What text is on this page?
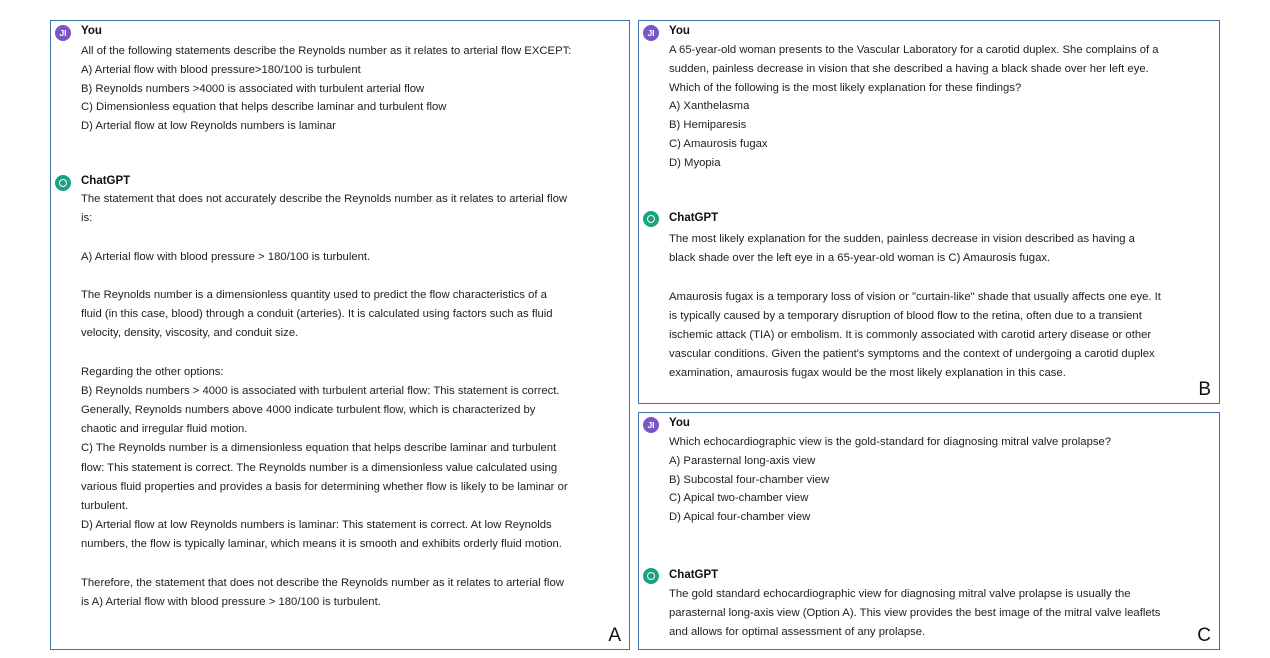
JI	You
All of the following statements describe the Reynolds number as it relates to arterial flow EXCEPT:
A) Arterial flow with blood pressure>180/100 is turbulent
B) Reynolds numbers >4000 is associated with turbulent arterial flow
C) Dimensionless equation that helps describe laminar and turbulent flow
D) Arterial flow at low Reynolds numbers is laminar
ChatGPT
The statement that does not accurately describe the Reynolds number as it relates to arterial flow
is:
A) Arterial flow with blood pressure > 180/100 is turbulent.
The Reynolds number is a dimensionless quantity used to predict the flow characteristics of a
fluid (in this case, blood) through a conduit (arteries). It is calculated using factors such as fluid
velocity, density, viscosity, and conduit size.
Regarding the other options:
B) Reynolds numbers > 4000 is associated with turbulent arterial flow: This statement is correct.
Generally, Reynolds numbers above 4000 indicate turbulent flow, which is characterized by
chaotic and irregular fluid motion.
C) The Reynolds number is a dimensionless equation that helps describe laminar and turbulent
flow: This statement is correct. The Reynolds number is a dimensionless value calculated using
various fluid properties and provides a basis for determining whether flow is likely to be laminar or
turbulent.
D) Arterial flow at low Reynolds numbers is laminar: This statement is correct. At low Reynolds
numbers, the flow is typically laminar, which means it is smooth and exhibits orderly fluid motion.
Therefore, the statement that does not describe the Reynolds number as it relates to arterial flow
is A) Arterial flow with blood pressure > 180/100 is turbulent.
A
JI	You
A 65-year-old woman presents to the Vascular Laboratory for a carotid duplex. She complains of a
sudden, painless decrease in vision that she described a having a black shade over her left eye.
Which of the following is the most likely explanation for these findings?
A) Xanthelasma
B) Hemiparesis
C) Amaurosis fugax
D) Myopia
ChatGPT
The most likely explanation for the sudden, painless decrease in vision described as having a
black shade over the left eye in a 65-year-old woman is C) Amaurosis fugax.
Amaurosis fugax is a temporary loss of vision or "curtain-like" shade that usually affects one eye. It
is typically caused by a temporary disruption of blood flow to the retina, often due to a transient
ischemic attack (TIA) or embolism. It is commonly associated with carotid artery disease or other
vascular conditions. Given the patient's symptoms and the context of undergoing a carotid duplex
examination, amaurosis fugax would be the most likely explanation in this case.
B
JI	You
Which echocardiographic view is the gold-standard for diagnosing mitral valve prolapse?
A) Parasternal long-axis view
B) Subcostal four-chamber view
C) Apical two-chamber view
D) Apical four-chamber view
ChatGPT
The gold standard echocardiographic view for diagnosing mitral valve prolapse is usually the
parasternal long-axis view (Option A). This view provides the best image of the mitral valve leaflets
and allows for optimal assessment of any prolapse.	C
